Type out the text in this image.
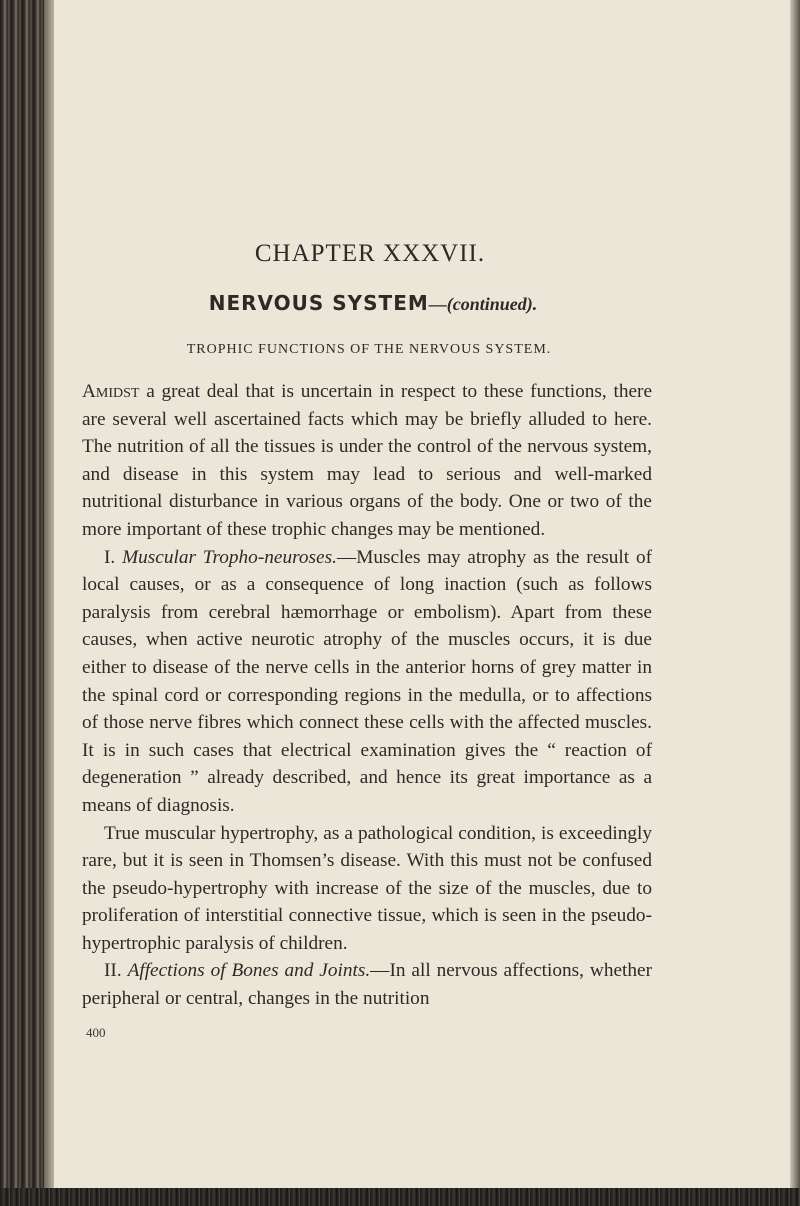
CHAPTER XXXVII.
NERVOUS SYSTEM—(continued).
TROPHIC FUNCTIONS OF THE NERVOUS SYSTEM.

Amidst a great deal that is uncertain in respect to these functions, there are several well ascertained facts which may be briefly alluded to here. The nutrition of all the tissues is under the control of the nervous system, and disease in this system may lead to serious and well-marked nutritional disturbance in various organs of the body. One or two of the more important of these trophic changes may be mentioned.

I. Muscular Tropho-neuroses.—Muscles may atrophy as the result of local causes, or as a consequence of long inaction (such as follows paralysis from cerebral hæmorrhage or embolism). Apart from these causes, when active neurotic atrophy of the muscles occurs, it is due either to disease of the nerve cells in the anterior horns of grey matter in the spinal cord or corresponding regions in the medulla, or to affections of those nerve fibres which connect these cells with the affected muscles. It is in such cases that electrical examination gives the “ reaction of degeneration ” already described, and hence its great importance as a means of diagnosis.

True muscular hypertrophy, as a pathological condition, is exceedingly rare, but it is seen in Thomsen’s disease. With this must not be confused the pseudo-hypertrophy with increase of the size of the muscles, due to proliferation of interstitial connective tissue, which is seen in the pseudo-hypertrophic paralysis of children.

II. Affections of Bones and Joints.—In all nervous affections, whether peripheral or central, changes in the nutrition

400
